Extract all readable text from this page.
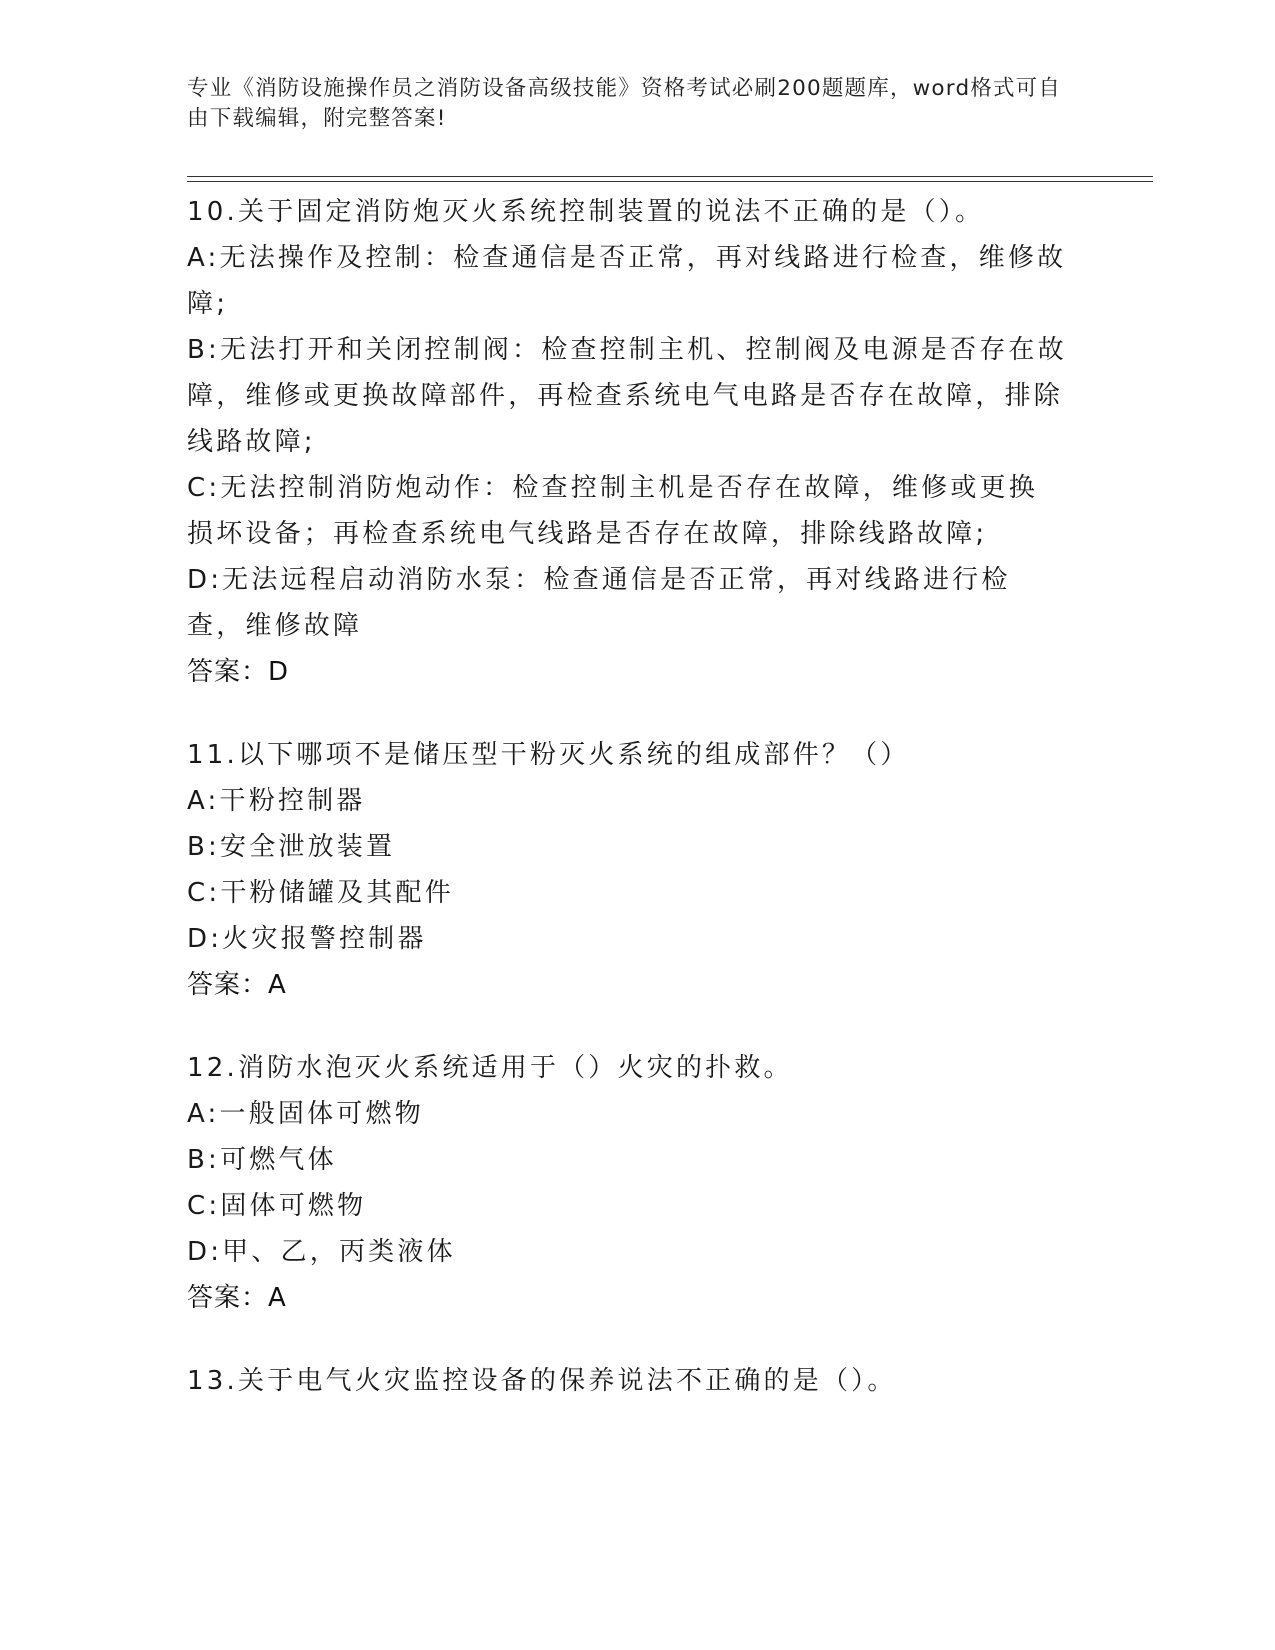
专业《消防设施操作员之消防设备高级技能》资格考试必刷200题题库，word格式可自由下载编辑，附完整答案!
10.关于固定消防炮灭火系统控制装置的说法不正确的是（）。
A:无法操作及控制：检查通信是否正常，再对线路进行检查，维修故障;
B:无法打开和关闭控制阀：检查控制主机、控制阀及电源是否存在故障，维修或更换故障部件，再检查系统电气电路是否存在故障，排除线路故障;
C:无法控制消防炮动作：检查控制主机是否存在故障，维修或更换损坏设备；再检查系统电气线路是否存在故障，排除线路故障;
D:无法远程启动消防水泵：检查通信是否正常，再对线路进行检查，维修故障
答案：D
11.以下哪项不是储压型干粉灭火系统的组成部件？（）
A:干粉控制器
B:安全泄放装置
C:干粉储罐及其配件
D:火灾报警控制器
答案：A
12.消防水泡灭火系统适用于（）火灾的扑救。
A:一般固体可燃物
B:可燃气体
C:固体可燃物
D:甲、乙，丙类液体
答案：A
13.关于电气火灾监控设备的保养说法不正确的是（）。
